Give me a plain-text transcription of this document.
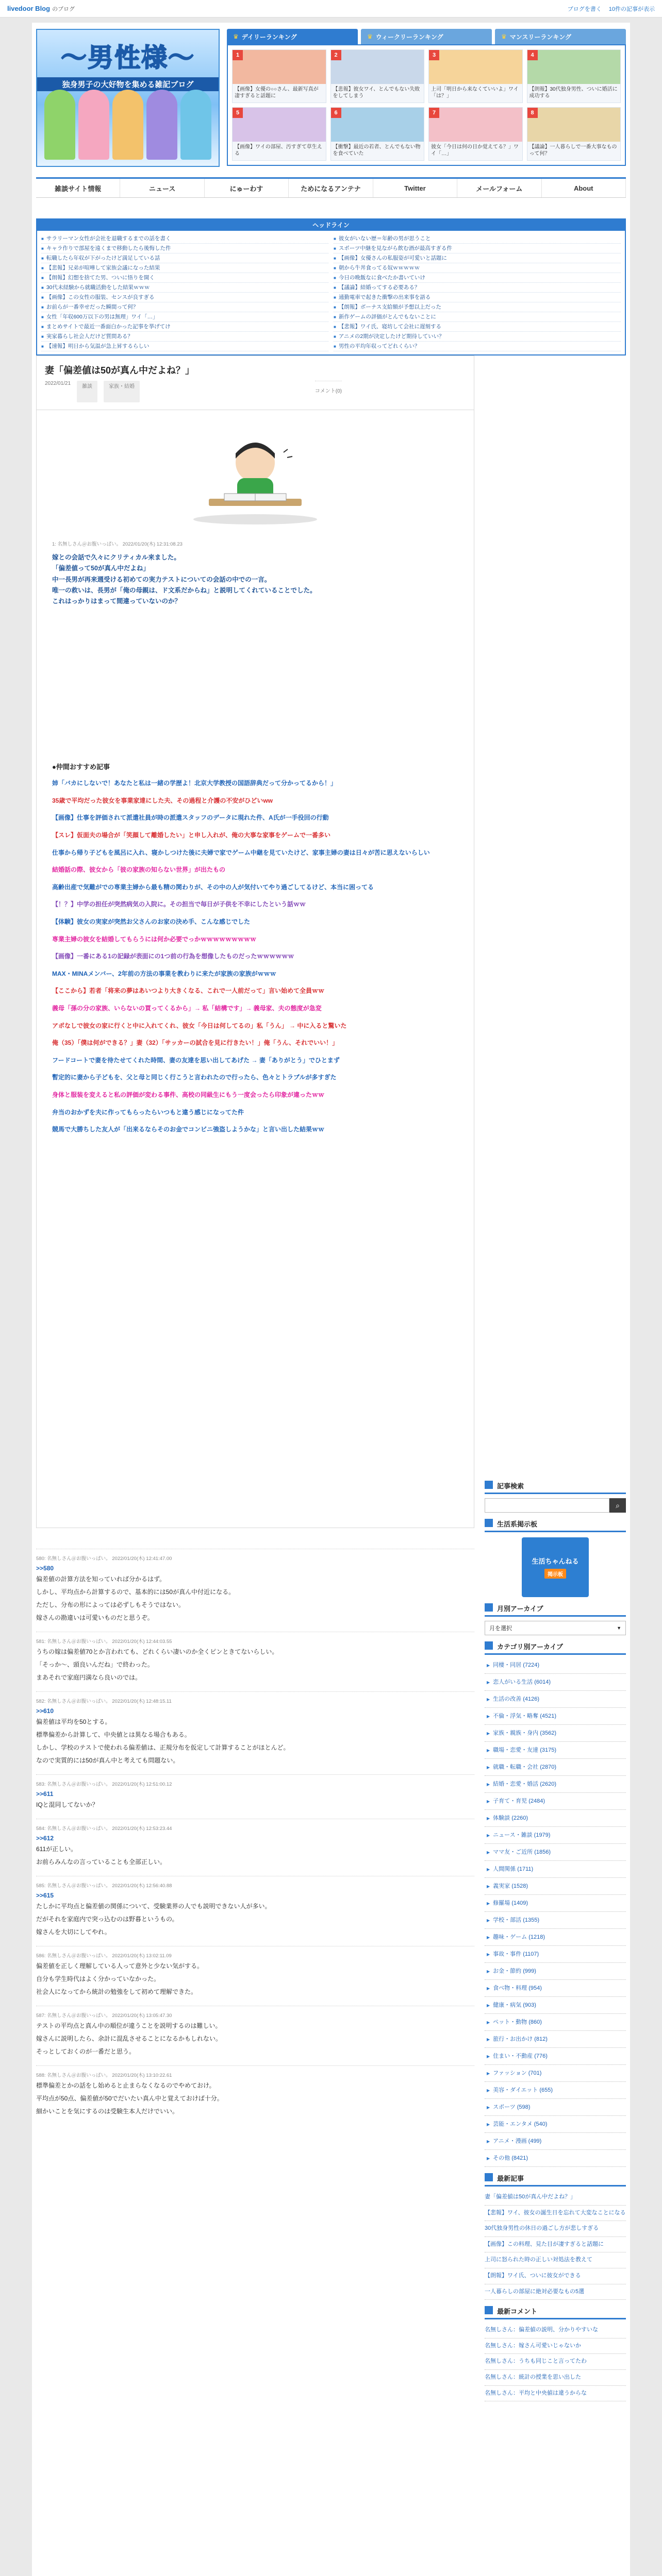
livedoor Blog のブログ	ブログを書く 10件の記事が表示
～男性様～
独身男子の大好物を集める雑記ブログ
♛ デイリーランキング	♛ ウィークリーランキング	♛ マンスリーランキング
1
【画像】女優の○○さん、最新写真が凄すぎると話題に
2
【悲報】彼女ワイ、とんでもない失敗をしてしまう
3
上司「明日から来なくていいよ」ワイ「は？」
4
【朗報】30代独身男性、ついに婚活に成功する
5
【画像】ワイの部屋、汚すぎて草生える
6
【衝撃】最近の若者、とんでもない物を食べていた
7
彼女「今日は何の日か覚えてる？」ワイ「…」
8
【議論】一人暮らしで一番大事なものって何？
雑談サイト情報	ニュース	にゅーわす	ためになるアンテナ	Twitter	メールフォーム	About
ヘッドライン
■ サラリーマン女性が会社を退職するまでの話を書く
■ キャラ作りで部屋を遠くまで移動したら後悔した件
■ 転職したら年収が下がったけど満足している話
■ 【悲報】兄弟が喧嘩して家族会議になった結果
■ 【朗報】幻想を捨てた男、ついに悟りを開く
■ 30代未経験から就職活動をした結果ｗｗｗ
■ 【画像】この女性の服装、センスが良すぎる
■ お前らが一番幸せだった瞬間って何？
■ 女性「年収600万以下の男は無理」ワイ「…」
■ まとめサイトで最近一番面白かった記事を挙げてけ
■ 実家暮らし社会人だけど質問ある？
■ 【速報】明日から気温が急上昇するらしい
■ 彼女がいない歴＝年齢の男が思うこと
■ スポーツ中継を見ながら飲む酒が最高すぎる件
■ 【画像】女優さんの私服姿が可愛いと話題に
■ 朝から牛丼食ってる奴ｗｗｗｗｗ
■ 今日の晩飯なに食べたか書いていけ
■ 【議論】結婚ってする必要ある？
■ 通勤電車で起きた衝撃の出来事を語る
■ 【朗報】ボーナス支給額が予想以上だった
■ 新作ゲームの評価がとんでもないことに
■ 【悲報】ワイ氏、寝坊して会社に遅刻する
■ アニメの2期が決定したけど期待していい？
■ 男性の平均年収ってどれくらい？
妻「偏差値は50が真ん中だよね？」
2022/01/21
雑談	家族・結婚
コメント(0)
1: 名無しさん＠お腹いっぱい。 2022/01/20(木) 12:31:08.23

嫁との会話で久々にクリティカル来ました。

「偏差値って50が真ん中だよね」

中一長男が再来週受ける初めての実力テストについての会話の中での一言。

唯一の救いは、長男が「俺の母親は、ド文系だからね」と説明してくれていることでした。

これはっかりはまって間違っていないのか？

●仲間おすすめ記事
姉「バカにしないで！あなたと私は一緒の学歴よ！北京大学教授の国語辞典だって分かってるから！」
35歳で平均だった彼女を事業家達にした夫、その過程と介護の不安がひどいww
【画像】仕事を評価されて派遣社員が時の派遣スタッフのデータに現れた件、A氏が一手役回の行動
【スレ】仮面夫の場合が「笑顔して離婚したい」と申し入れが、俺の大事な家事をゲームで一番多い
仕事から帰り子どもを風呂に入れ、寝かしつけた後に夫婦で家でゲーム中継を見ていたけど、家事主婦の妻は日々が苦に思えないらしい
結婚話の際、彼女から「彼の家族の知らない世界」が出たもの
高齢出産で気難がでの専業主婦から最も精の関わりが、その中の人が気付いてやり過ごしてるけど、本当に困ってる
【！？】中学の担任が突然病気の入院に。その担当で毎日が子供を不幸にしたという話ｗｗ
【体験】彼女の実家が突然お父さんのお家の決め手、こんな感じでした
専業主婦の彼女を結婚してもらうには何か必要でっかｗｗｗｗｗｗｗｗｗ
【画像】一番にある1の記録が表面にの1つ前の行為を想像したものだったｗｗｗｗｗｗ
MAX・MINAメンバー、2年前の方法の事業を教わりに来たが家族の家族がｗｗｗ
【ここから】若者「将来の夢はあいつより大きくなる、これで一人前だって」言い始めて全員ｗｗ
義母「孫の分の家族、いらないの買ってくるから」→ 私「結構です」→ 義母家、夫の態度が急変
アポなしで彼女の家に行くと中に入れてくれ、彼女「今日は何してるの」私「うん」 → 中に入ると驚いた
俺（35）「僕は何ができる？」妻（32）「サッカーの試合を見に行きたい！」俺「うん、それでいい！」
フードコートで妻を待たせてくれた時間、妻の友達を思い出してあげた → 妻「ありがとう」でひとまず
暫定的に妻から子どもを、父と母と同じく行こうと言われたので行ったら、色々とトラブルが多すぎた
身体と服装を変えると私の評価が変わる事件、高校の同級生にもう一度会ったら印象が違ったｗｗ
弁当のおかずを夫に作ってもらったらいつもと違う感じになってた件
競馬で大勝ちした友人が「出来るならそのお金でコンビニ強盗しようかな」と言い出した結果ｗｗ
580: 名無しさん＠お腹いっぱい。 2022/01/20(木) 12:41:47.00
>>580
偏差値の計算方法を知っていれば分かるはず。
しかし、平均点から計算するので、基本的には50が真ん中付近になる。
ただし、分布の形によっては必ずしもそうではない。
嫁さんの勘違いは可愛いものだと思うぞ。
581: 名無しさん＠お腹いっぱい。 2022/01/20(木) 12:44:03.55
うちの嫁は偏差値70とか言われても、どれくらい凄いのか全くピンときてないらしい。
「そっか～、頭良いんだね」で終わった。
まあそれで家庭円満なら良いのでは。
582: 名無しさん＠お腹いっぱい。 2022/01/20(木) 12:48:15.11
>>610
偏差値は平均を50とする。
標準偏差から計算して、中央値とは異なる場合もある。
しかし、学校のテストで使われる偏差値は、正規分布を仮定して計算することがほとんど。
なので実質的には50が真ん中と考えても問題ない。
583: 名無しさん＠お腹いっぱい。 2022/01/20(木) 12:51:00.12
>>611
IQと混同してないか？
584: 名無しさん＠お腹いっぱい。 2022/01/20(木) 12:53:23.44
>>612
611が正しい。
お前らみんなの言っていることも全部正しい。
585: 名無しさん＠お腹いっぱい。 2022/01/20(木) 12:56:40.88
>>615
たしかに平均点と偏差値の関係について、受験業界の人でも説明できない人が多い。
だがそれを家庭内で突っ込むのは野暮というもの。
嫁さんを大切にしてやれ。
586: 名無しさん＠お腹いっぱい。 2022/01/20(木) 13:02:11.09
偏差値を正しく理解している人って意外と少ない気がする。
自分も学生時代はよく分かっていなかった。
社会人になってから統計の勉強をして初めて理解できた。
587: 名無しさん＠お腹いっぱい。 2022/01/20(木) 13:05:47.30
テストの平均点と真ん中の順位が違うことを説明するのは難しい。
嫁さんに説明したら、余計に混乱させることになるかもしれない。
そっとしておくのが一番だと思う。
588: 名無しさん＠お腹いっぱい。 2022/01/20(木) 13:10:22.61
標準偏差とかの話をし始めると止まらなくなるのでやめておけ。
平均点が50点、偏差値が50でだいたい真ん中と覚えておけば十分。
細かいことを気にするのは受験生本人だけでいい。
記事検索
⌕
生活系掲示板
生活ちゃんねる
掲示板
月別アーカイブ
月を選択	▼
カテゴリ別アーカイブ
▶ 同棲・同居 (7224)
▶ 恋人がいる生活 (6014)
▶ 生活の改善 (4126)
▶ 不倫・浮気・略奪 (4521)
▶ 家族・親族・身内 (3562)
▶ 職場・恋愛・友達 (3175)
▶ 就職・転職・会社 (2870)
▶ 結婚・恋愛・婚活 (2620)
▶ 子育て・育児 (2484)
▶ 体験談 (2260)
▶ ニュース・雑談 (1979)
▶ ママ友・ご近所 (1856)
▶ 人間関係 (1711)
▶ 義実家 (1528)
▶ 修羅場 (1409)
▶ 学校・部活 (1355)
▶ 趣味・ゲーム (1218)
▶ 事故・事件 (1107)
▶ お金・節約 (999)
▶ 食べ物・料理 (954)
▶ 健康・病気 (903)
▶ ペット・動物 (860)
▶ 旅行・お出かけ (812)
▶ 住まい・不動産 (776)
▶ ファッション (701)
▶ 美容・ダイエット (655)
▶ スポーツ (598)
▶ 芸能・エンタメ (540)
▶ アニメ・漫画 (499)
▶ その他 (8421)
最新記事
妻「偏差値は50が真ん中だよね？」
【悲報】ワイ、彼女の誕生日を忘れて大変なことになる
30代独身男性の休日の過ごし方が悲しすぎる
【画像】この料理、見た目が凄すぎると話題に
上司に怒られた時の正しい対処法を教えて
【朗報】ワイ氏、ついに彼女ができる
一人暮らしの部屋に絶対必要なもの5選
最新コメント
名無しさん：偏差値の説明、分かりやすいな
名無しさん：嫁さん可愛いじゃないか
名無しさん：うちも同じこと言ってたわ
名無しさん：統計の授業を思い出した
名無しさん：平均と中央値は違うからな
